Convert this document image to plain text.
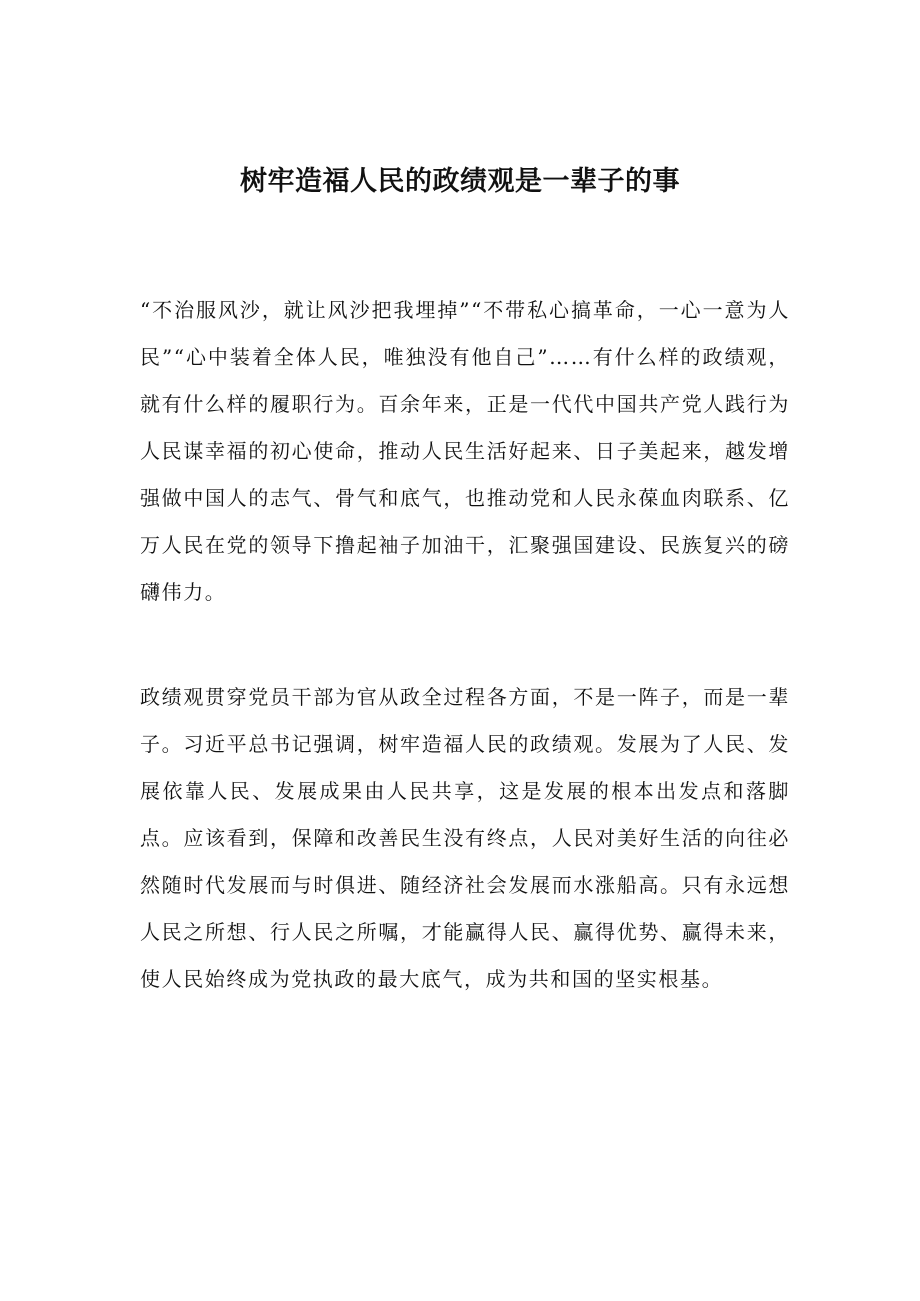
树牢造福人民的政绩观是一辈子的事

“不治服风沙，就让风沙把我埋掉”“不带私心搞革命，一心一意为人民”“心中装着全体人民，唯独没有他自己”……有什么样的政绩观，就有什么样的履职行为。百余年来，正是一代代中国共产党人践行为人民谋幸福的初心使命，推动人民生活好起来、日子美起来，越发增强做中国人的志气、骨气和底气，也推动党和人民永葆血肉联系、亿万人民在党的领导下撸起袖子加油干，汇聚强国建设、民族复兴的磅礴伟力。

政绩观贯穿党员干部为官从政全过程各方面，不是一阵子，而是一辈子。习近平总书记强调，树牢造福人民的政绩观。发展为了人民、发展依靠人民、发展成果由人民共享，这是发展的根本出发点和落脚点。应该看到，保障和改善民生没有终点，人民对美好生活的向往必然随时代发展而与时俱进、随经济社会发展而水涨船高。只有永远想人民之所想、行人民之所嘱，才能赢得人民、赢得优势、赢得未来，使人民始终成为党执政的最大底气，成为共和国的坚实根基。
